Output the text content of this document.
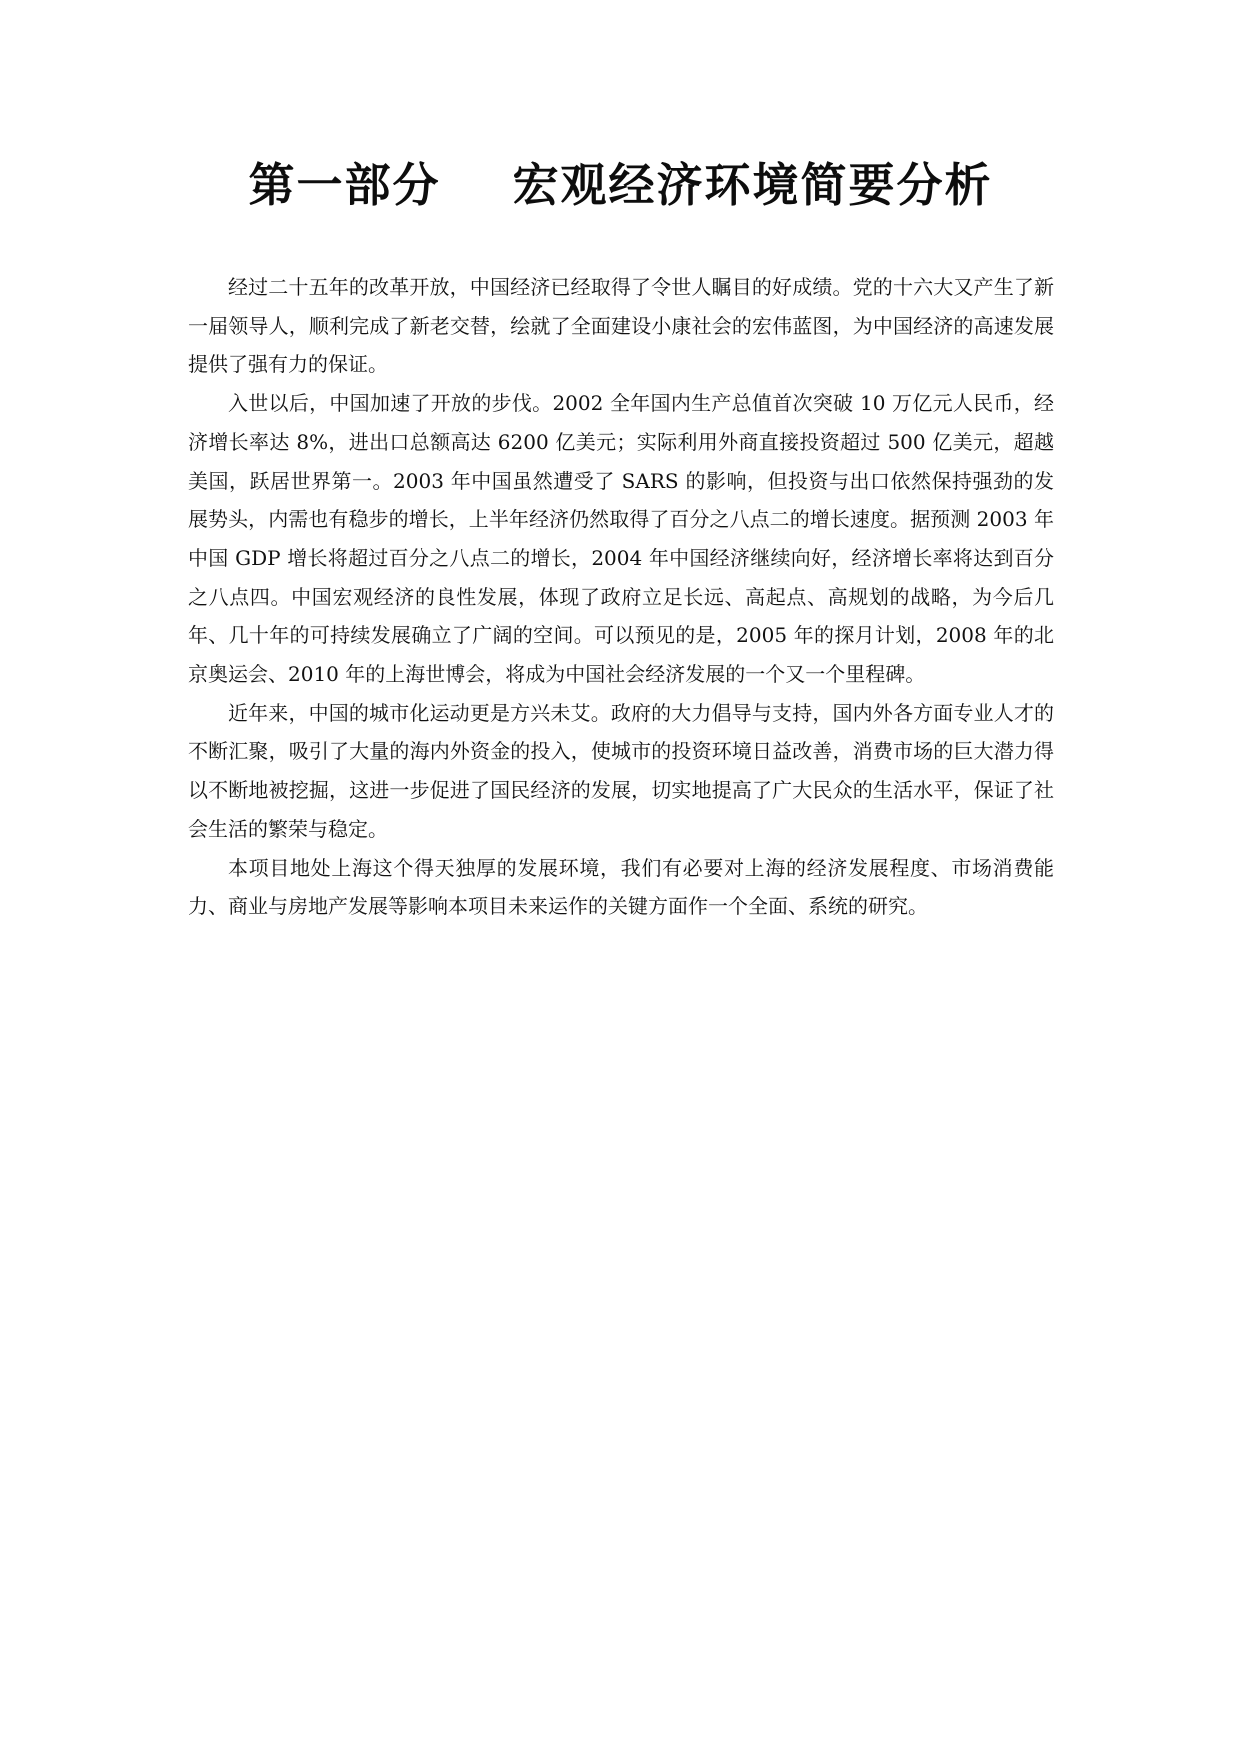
第一部分    宏观经济环境简要分析

经过二十五年的改革开放，中国经济已经取得了令世人瞩目的好成绩。党的十六大又产生了新一届领导人，顺利完成了新老交替，绘就了全面建设小康社会的宏伟蓝图，为中国经济的高速发展提供了强有力的保证。

入世以后，中国加速了开放的步伐。2002 全年国内生产总值首次突破 10 万亿元人民币，经济增长率达 8%，进出口总额高达 6200 亿美元；实际利用外商直接投资超过 500 亿美元，超越美国，跃居世界第一。2003 年中国虽然遭受了 SARS 的影响，但投资与出口依然保持强劲的发展势头，内需也有稳步的增长，上半年经济仍然取得了百分之八点二的增长速度。据预测 2003 年中国 GDP 增长将超过百分之八点二的增长，2004 年中国经济继续向好，经济增长率将达到百分之八点四。中国宏观经济的良性发展，体现了政府立足长远、高起点、高规划的战略，为今后几年、几十年的可持续发展确立了广阔的空间。可以预见的是，2005 年的探月计划，2008 年的北京奥运会、2010 年的上海世博会，将成为中国社会经济发展的一个又一个里程碑。

近年来，中国的城市化运动更是方兴未艾。政府的大力倡导与支持，国内外各方面专业人才的不断汇聚，吸引了大量的海内外资金的投入，使城市的投资环境日益改善，消费市场的巨大潜力得以不断地被挖掘，这进一步促进了国民经济的发展，切实地提高了广大民众的生活水平，保证了社会生活的繁荣与稳定。

本项目地处上海这个得天独厚的发展环境，我们有必要对上海的经济发展程度、市场消费能力、商业与房地产发展等影响本项目未来运作的关键方面作一个全面、系统的研究。
